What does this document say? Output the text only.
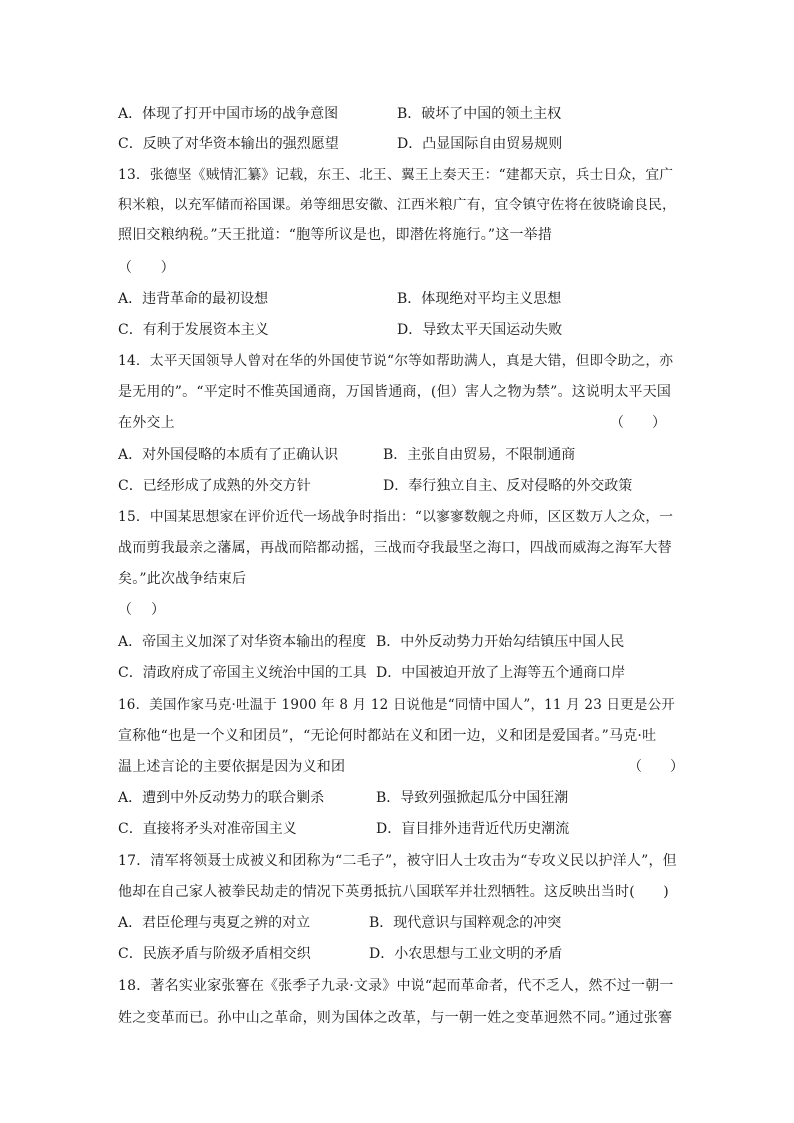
A．体现了打开中国市场的战争意图	B．破坏了中国的领土主权
C．反映了对华资本输出的强烈愿望	D．凸显国际自由贸易规则
13．张德坚《贼情汇纂》记载，东王、北王、翼王上奏天王：“建都天京，兵士日众，宜广
积米粮，以充军储而裕国课。弟等细思安徽、江西米粮广有，宜令镇守佐将在彼晓谕良民，
照旧交粮纳税。”天王批道：“胞等所议是也，即潜佐将施行。”这一举措
（　　）
A．违背革命的最初设想	B．体现绝对平均主义思想
C．有利于发展资本主义	D．导致太平天国运动失败
14．太平天国领导人曾对在华的外国使节说“尔等如帮助满人，真是大错，但即令助之，亦
是无用的”。“平定时不惟英国通商，万国皆通商，(但）害人之物为禁”。这说明太平天国
在外交上	（　　）
A．对外国侵略的本质有了正确认识	B．主张自由贸易，不限制通商
C．已经形成了成熟的外交方针	D．奉行独立自主、反对侵略的外交政策
15．中国某思想家在评价近代一场战争时指出：“以寥寥数舰之舟师，区区数万人之众，一
战而剪我最亲之藩属，再战而陪都动摇，三战而夺我最坚之海口，四战而威海之海军大替
矣。”此次战争结束后
（　 ）
A．帝国主义加深了对华资本输出的程度 B．中外反动势力开始勾结镇压中国人民
C．清政府成了帝国主义统治中国的工具 D．中国被迫开放了上海等五个通商口岸
16．美国作家马克·吐温于 1900 年 8 月 12 日说他是“同情中国人”，11 月 23 日更是公开
宣称他“也是一个义和团员”，“无论何时都站在义和团一边，义和团是爱国者。”马克·吐
温上述言论的主要依据是因为义和团	（　　）
A．遭到中外反动势力的联合剿杀	B．导致列强掀起瓜分中国狂潮
C．直接将矛头对准帝国主义	D．盲目排外违背近代历史潮流
17．清军将领聂士成被义和团称为“二毛子”，被守旧人士攻击为“专攻义民以护洋人”，但
他却在自己家人被拳民劫走的情况下英勇抵抗八国联军并壮烈牺牲。这反映出当时(　　)
A．君臣伦理与夷夏之辨的对立	B．现代意识与国粹观念的冲突
C．民族矛盾与阶级矛盾相交织	D．小农思想与工业文明的矛盾
18．著名实业家张謇在《张季子九录·文录》中说“起而革命者，代不乏人，然不过一朝一
姓之变革而已。孙中山之革命，则为国体之改革，与一朝一姓之变革迥然不同。”通过张謇
